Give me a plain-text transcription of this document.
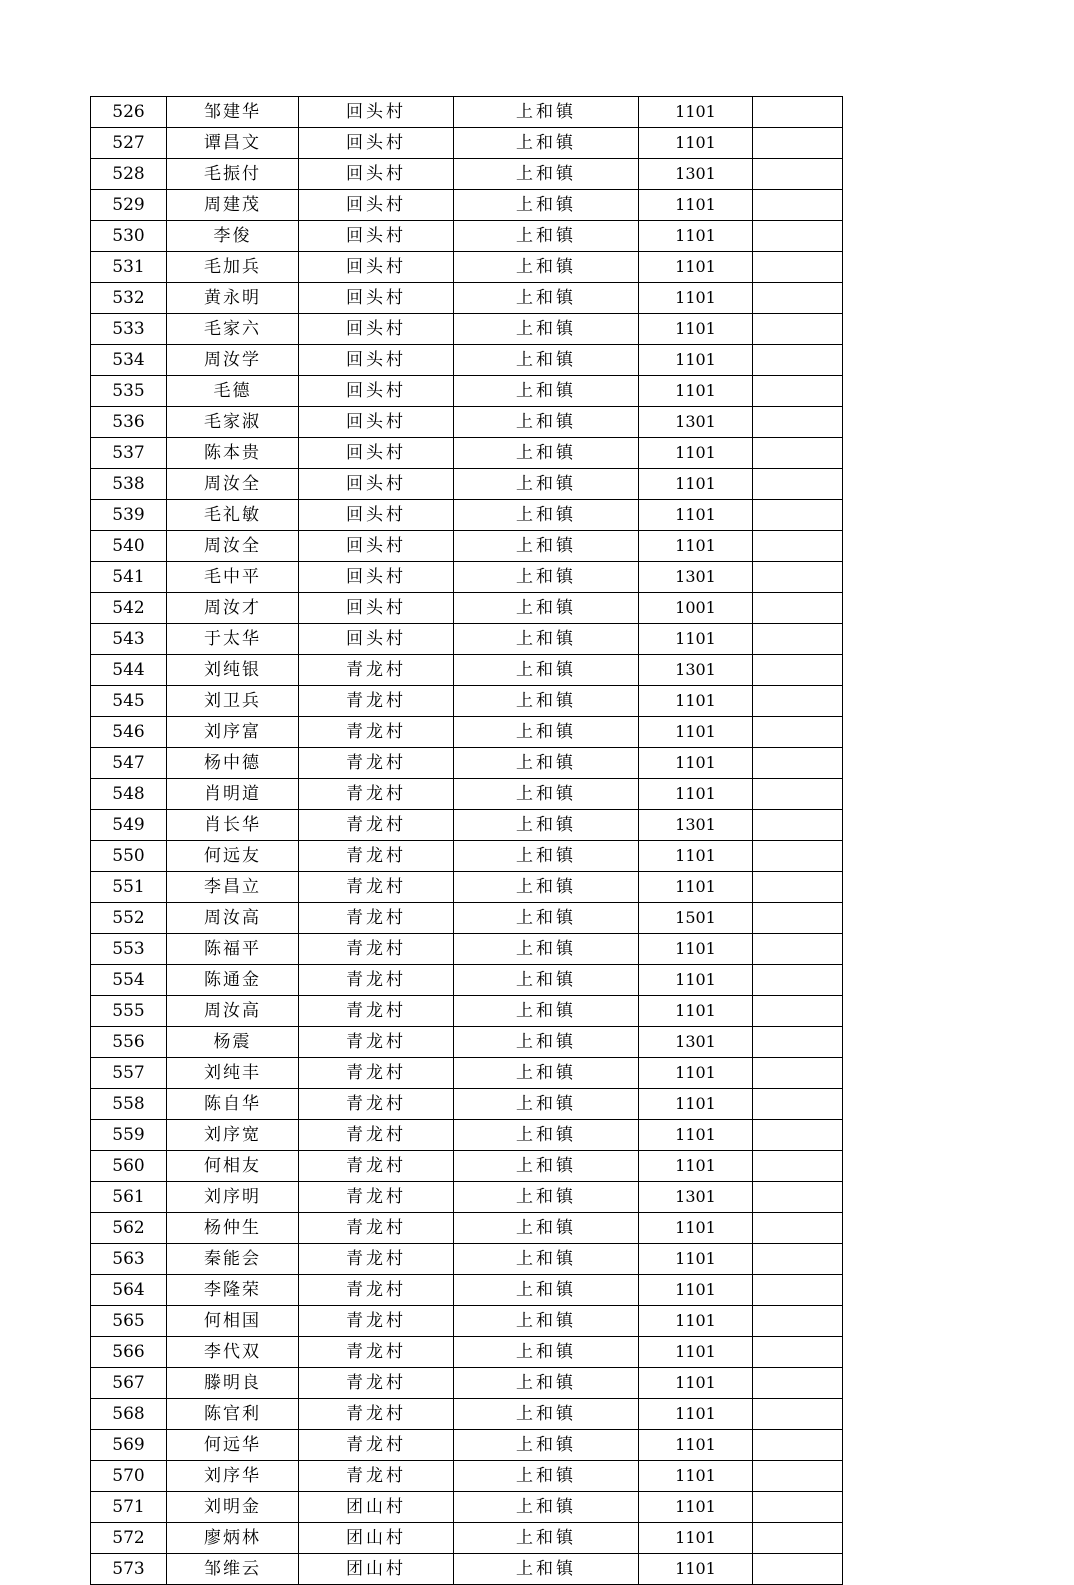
526	邹建华	回头村	上和镇	1101	
527	谭昌文	回头村	上和镇	1101	
528	毛振付	回头村	上和镇	1301	
529	周建茂	回头村	上和镇	1101	
530	李俊	回头村	上和镇	1101	
531	毛加兵	回头村	上和镇	1101	
532	黄永明	回头村	上和镇	1101	
533	毛家六	回头村	上和镇	1101	
534	周汝学	回头村	上和镇	1101	
535	毛德	回头村	上和镇	1101	
536	毛家淑	回头村	上和镇	1301	
537	陈本贵	回头村	上和镇	1101	
538	周汝全	回头村	上和镇	1101	
539	毛礼敏	回头村	上和镇	1101	
540	周汝全	回头村	上和镇	1101	
541	毛中平	回头村	上和镇	1301	
542	周汝才	回头村	上和镇	1001	
543	于太华	回头村	上和镇	1101	
544	刘纯银	青龙村	上和镇	1301	
545	刘卫兵	青龙村	上和镇	1101	
546	刘序富	青龙村	上和镇	1101	
547	杨中德	青龙村	上和镇	1101	
548	肖明道	青龙村	上和镇	1101	
549	肖长华	青龙村	上和镇	1301	
550	何远友	青龙村	上和镇	1101	
551	李昌立	青龙村	上和镇	1101	
552	周汝高	青龙村	上和镇	1501	
553	陈福平	青龙村	上和镇	1101	
554	陈通金	青龙村	上和镇	1101	
555	周汝高	青龙村	上和镇	1101	
556	杨震	青龙村	上和镇	1301	
557	刘纯丰	青龙村	上和镇	1101	
558	陈自华	青龙村	上和镇	1101	
559	刘序宽	青龙村	上和镇	1101	
560	何相友	青龙村	上和镇	1101	
561	刘序明	青龙村	上和镇	1301	
562	杨仲生	青龙村	上和镇	1101	
563	秦能会	青龙村	上和镇	1101	
564	李隆荣	青龙村	上和镇	1101	
565	何相国	青龙村	上和镇	1101	
566	李代双	青龙村	上和镇	1101	
567	滕明良	青龙村	上和镇	1101	
568	陈官利	青龙村	上和镇	1101	
569	何远华	青龙村	上和镇	1101	
570	刘序华	青龙村	上和镇	1101	
571	刘明金	团山村	上和镇	1101	
572	廖炳林	团山村	上和镇	1101	
573	邹维云	团山村	上和镇	1101	
